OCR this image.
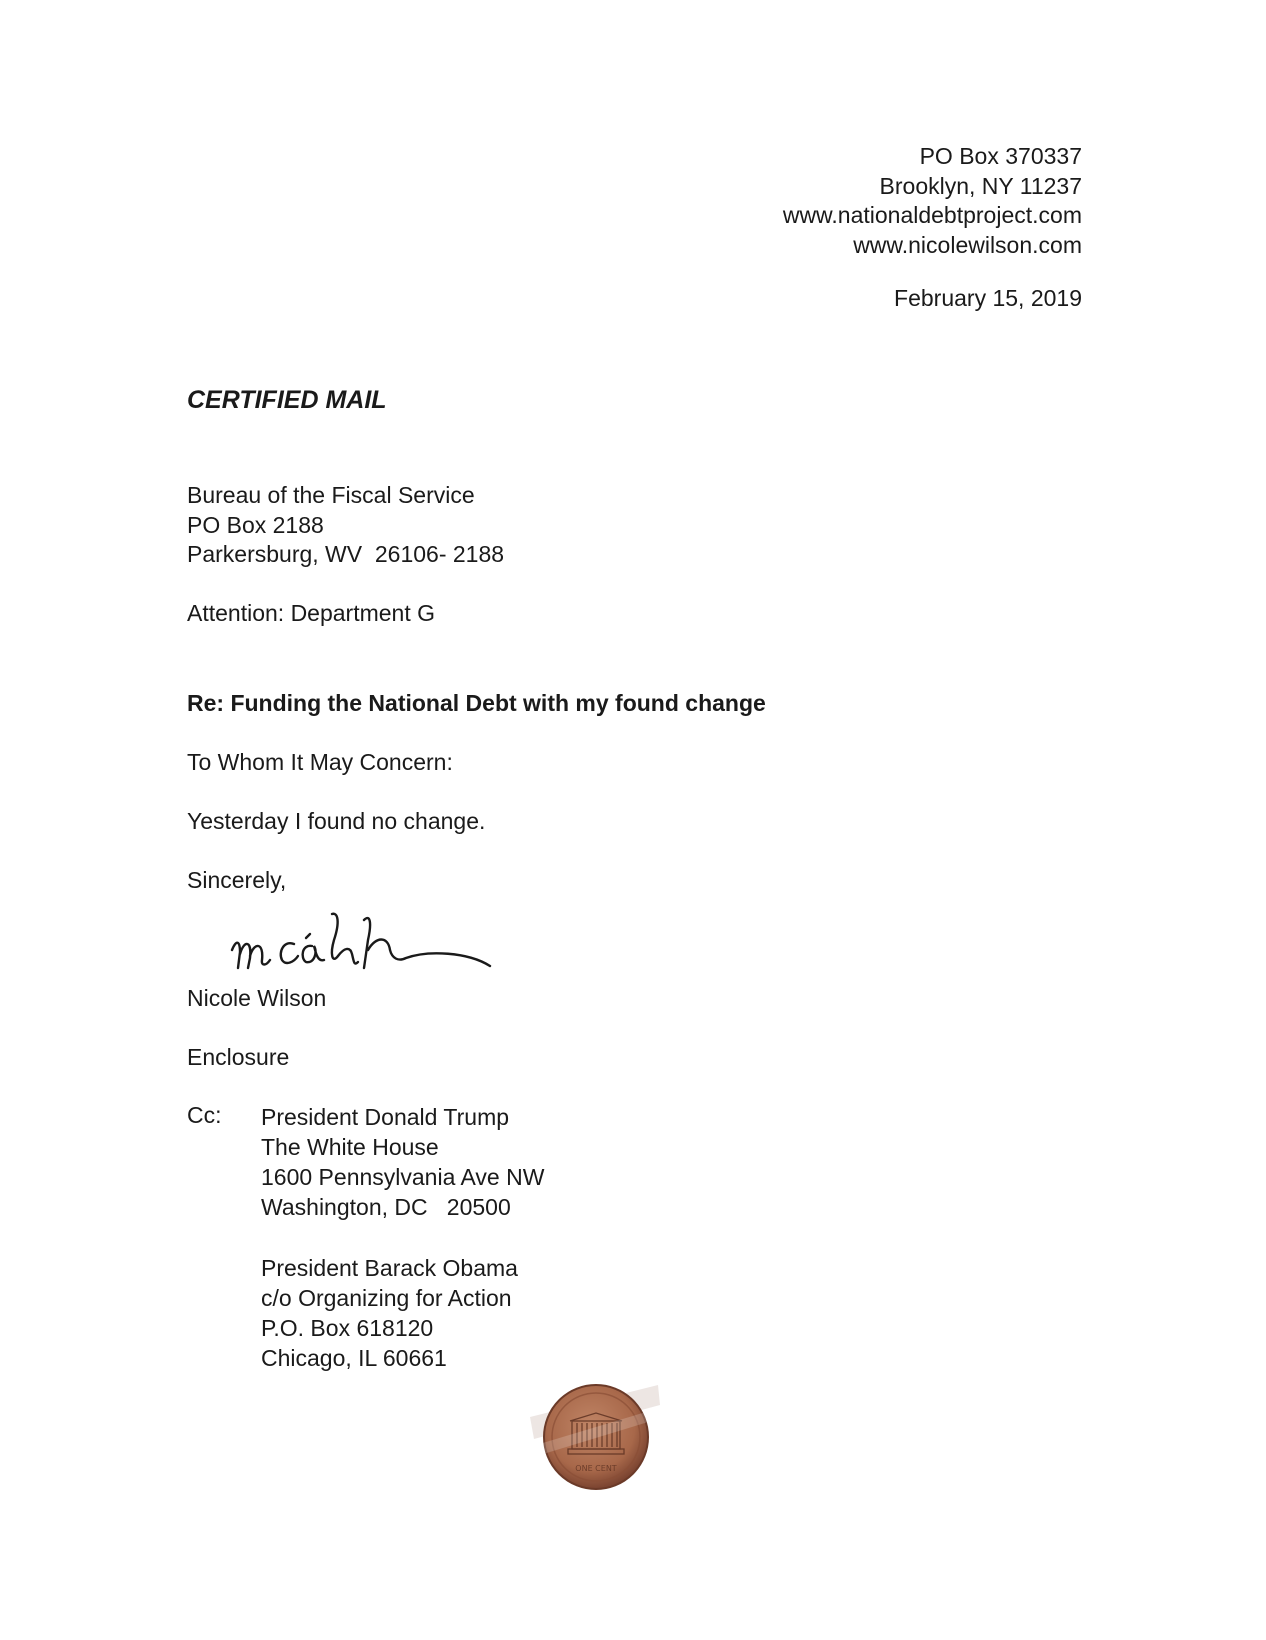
PO Box 370337
Brooklyn, NY 11237
www.nationaldebtproject.com
www.nicolewilson.com
February 15, 2019
CERTIFIED MAIL
Bureau of the Fiscal Service
PO Box 2188
Parkersburg, WV  26106- 2188
Attention: Department G
Re: Funding the National Debt with my found change
To Whom It May Concern:
Yesterday I found no change.
Sincerely,
Nicole Wilson
Enclosure
Cc: President Donald Trump
The White House
1600 Pennsylvania Ave NW
Washington, DC   20500
President Barack Obama
c/o Organizing for Action
P.O. Box 618120
Chicago, IL 60661
ONE CENT
